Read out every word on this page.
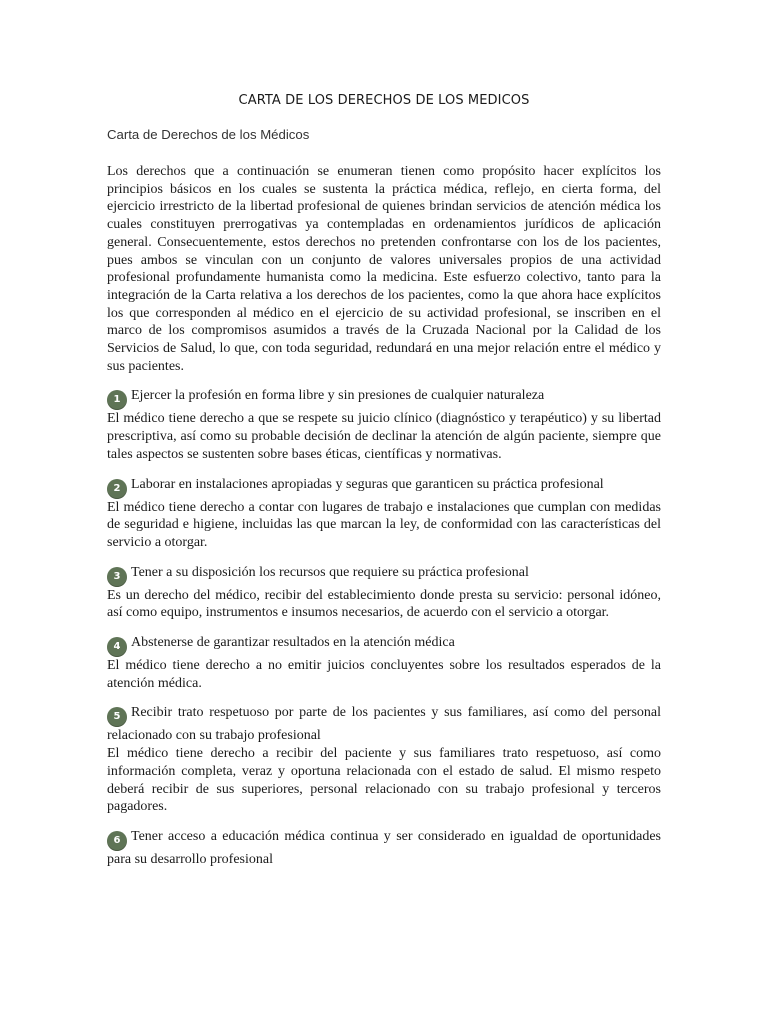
CARTA DE LOS DERECHOS DE LOS MEDICOS

Carta de Derechos de los Médicos

Los derechos que a continuación se enumeran tienen como propósito hacer explícitos los principios básicos en los cuales se sustenta la práctica médica, reflejo, en cierta forma, del ejercicio irrestricto de la libertad profesional de quienes brindan servicios de atención médica los cuales constituyen prerrogativas ya contempladas en ordenamientos jurídicos de aplicación general. Consecuentemente, estos derechos no pretenden confrontarse con los de los pacientes, pues ambos se vinculan con un conjunto de valores universales propios de una actividad profesional profundamente humanista como la medicina. Este esfuerzo colectivo, tanto para la integración de la Carta relativa a los derechos de los pacientes, como la que ahora hace explícitos los que corresponden al médico en el ejercicio de su actividad profesional, se inscriben en el marco de los compromisos asumidos a través de la Cruzada Nacional por la Calidad de los Servicios de Salud, lo que, con toda seguridad, redundará en una mejor relación entre el médico y sus pacientes.

1 Ejercer la profesión en forma libre y sin presiones de cualquier naturaleza
El médico tiene derecho a que se respete su juicio clínico (diagnóstico y terapéutico) y su libertad prescriptiva, así como su probable decisión de declinar la atención de algún paciente, siempre que tales aspectos se sustenten sobre bases éticas, científicas y normativas.
2 Laborar en instalaciones apropiadas y seguras que garanticen su práctica profesional
El médico tiene derecho a contar con lugares de trabajo e instalaciones que cumplan con medidas de seguridad e higiene, incluidas las que marcan la ley, de conformidad con las características del servicio a otorgar.
3 Tener a su disposición los recursos que requiere su práctica profesional
Es un derecho del médico, recibir del establecimiento donde presta su servicio: personal idóneo, así como equipo, instrumentos e insumos necesarios, de acuerdo con el servicio a otorgar.
4 Abstenerse de garantizar resultados en la atención médica
El médico tiene derecho a no emitir juicios concluyentes sobre los resultados esperados de la atención médica.
5 Recibir trato respetuoso por parte de los pacientes y sus familiares, así como del personal relacionado con su trabajo profesional
El médico tiene derecho a recibir del paciente y sus familiares trato respetuoso, así como información completa, veraz y oportuna relacionada con el estado de salud. El mismo respeto deberá recibir de sus superiores, personal relacionado con su trabajo profesional y terceros pagadores.
6 Tener acceso a educación médica continua y ser considerado en igualdad de oportunidades para su desarrollo profesional
